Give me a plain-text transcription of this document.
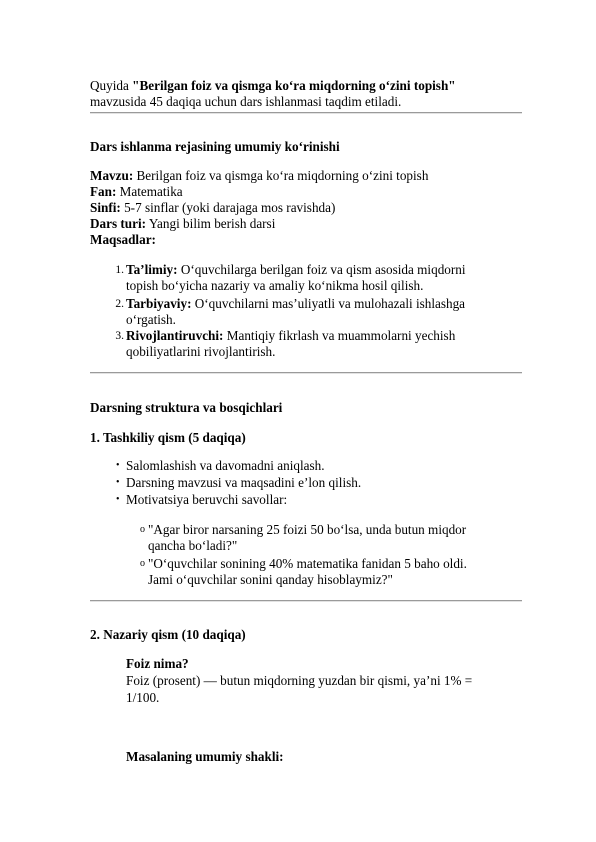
Quyida "Berilgan foiz va qismga ko‘ra miqdorning o‘zini topish"
mavzusida 45 daqiqa uchun dars ishlanmasi taqdim etiladi.
Dars ishlanma rejasining umumiy ko‘rinishi
Mavzu: Berilgan foiz va qismga ko‘ra miqdorning o‘zini topish
Fan: Matematika
Sinfi: 5-7 sinflar (yoki darajaga mos ravishda)
Dars turi: Yangi bilim berish darsi
Maqsadlar:
1. Ta’limiy: O‘quvchilarga berilgan foiz va qism asosida miqdorni
topish bo‘yicha nazariy va amaliy ko‘nikma hosil qilish.
2. Tarbiyaviy: O‘quvchilarni mas’uliyatli va mulohazali ishlashga
o‘rgatish.
3. Rivojlantiruvchi: Mantiqiy fikrlash va muammolarni yechish
qobiliyatlarini rivojlantirish.
Darsning struktura va bosqichlari
1. Tashkiliy qism (5 daqiqa)
• Salomlashish va davomadni aniqlash.
• Darsning mavzusi va maqsadini e’lon qilish.
• Motivatsiya beruvchi savollar:
o "Agar biror narsaning 25 foizi 50 bo‘lsa, unda butun miqdor
qancha bo‘ladi?"
o "O‘quvchilar sonining 40% matematika fanidan 5 baho oldi.
Jami o‘quvchilar sonini qanday hisoblaymiz?"
2. Nazariy qism (10 daqiqa)
Foiz nima?
Foiz (prosent) — butun miqdorning yuzdan bir qismi, ya’ni 1% =
1/100.
Masalaning umumiy shakli:
